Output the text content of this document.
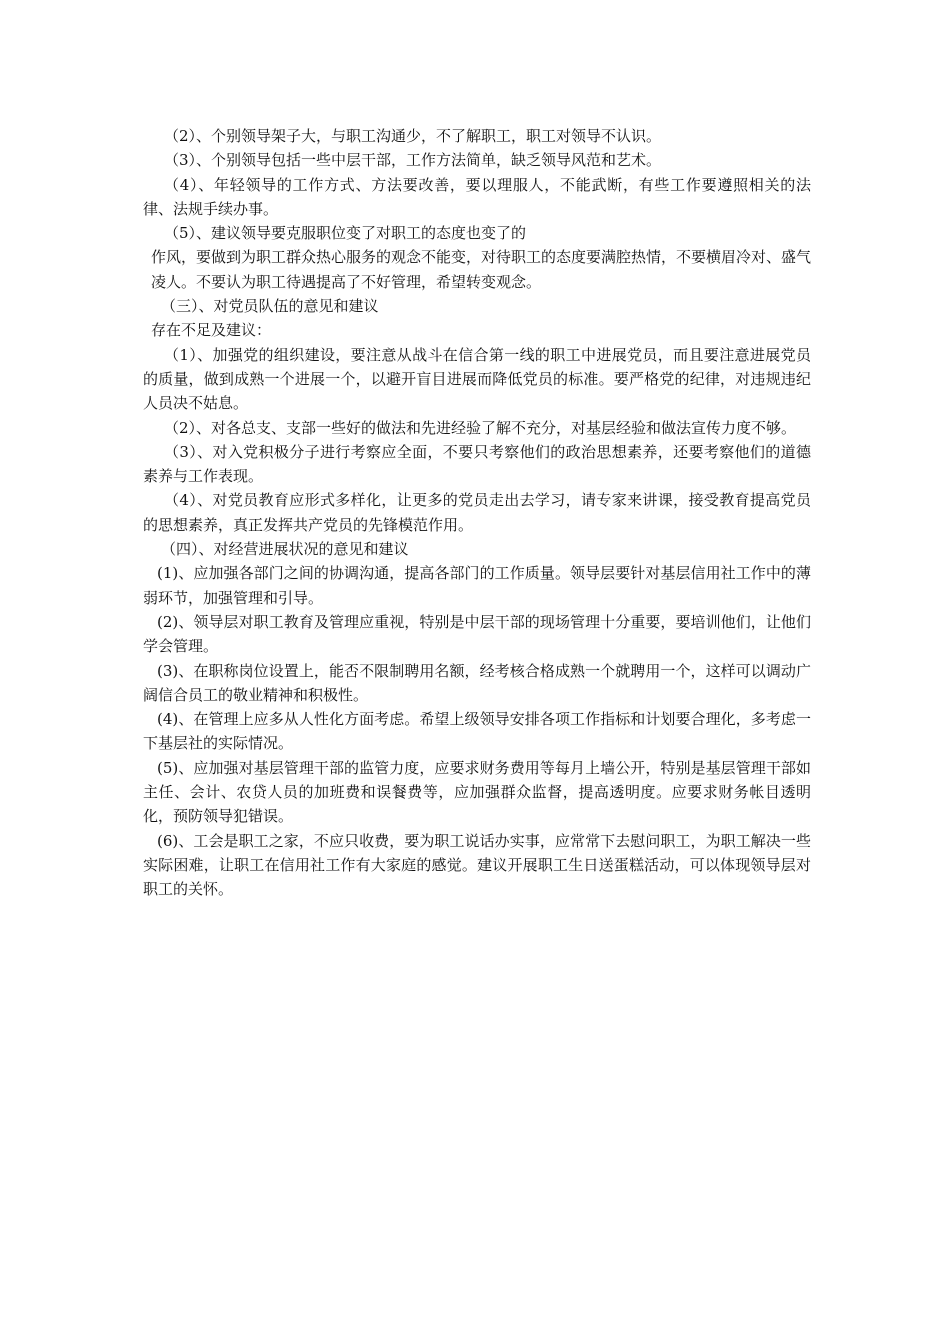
（2）、个别领导架子大，与职工沟通少，不了解职工，职工对领导不认识。

（3）、个别领导包括一些中层干部，工作方法简单，缺乏领导风范和艺术。

（4）、年轻领导的工作方式、方法要改善，要以理服人，不能武断，有些工作要遵照相关的法律、法规手续办事。

（5）、建议领导要克服职位变了对职工的态度也变了的

作风，要做到为职工群众热心服务的观念不能变，对待职工的态度要满腔热情，不要横眉冷对、盛气凌人。不要认为职工待遇提高了不好管理，希望转变观念。

（三）、对党员队伍的意见和建议

存在不足及建议：

（1）、加强党的组织建设，要注意从战斗在信合第一线的职工中进展党员，而且要注意进展党员的质量，做到成熟一个进展一个，以避开盲目进展而降低党员的标准。要严格党的纪律，对违规违纪人员决不姑息。

（2）、对各总支、支部一些好的做法和先进经验了解不充分，对基层经验和做法宣传力度不够。

（3）、对入党积极分子进行考察应全面，不要只考察他们的政治思想素养，还要考察他们的道德素养与工作表现。

（4）、对党员教育应形式多样化，让更多的党员走出去学习，请专家来讲课，接受教育提高党员的思想素养，真正发挥共产党员的先锋模范作用。

（四）、对经营进展状况的意见和建议

(1)、应加强各部门之间的协调沟通，提高各部门的工作质量。领导层要针对基层信用社工作中的薄弱环节，加强管理和引导。

(2)、领导层对职工教育及管理应重视，特别是中层干部的现场管理十分重要，要培训他们，让他们学会管理。

(3)、在职称岗位设置上，能否不限制聘用名额，经考核合格成熟一个就聘用一个，这样可以调动广阔信合员工的敬业精神和积极性。

(4)、在管理上应多从人性化方面考虑。希望上级领导安排各项工作指标和计划要合理化，多考虑一下基层社的实际情况。

(5)、应加强对基层管理干部的监管力度，应要求财务费用等每月上墙公开，特别是基层管理干部如主任、会计、农贷人员的加班费和误餐费等，应加强群众监督，提高透明度。应要求财务帐目透明化，预防领导犯错误。

(6)、工会是职工之家，不应只收费，要为职工说话办实事，应常常下去慰问职工，为职工解决一些实际困难，让职工在信用社工作有大家庭的感觉。建议开展职工生日送蛋糕活动，可以体现领导层对职工的关怀。
